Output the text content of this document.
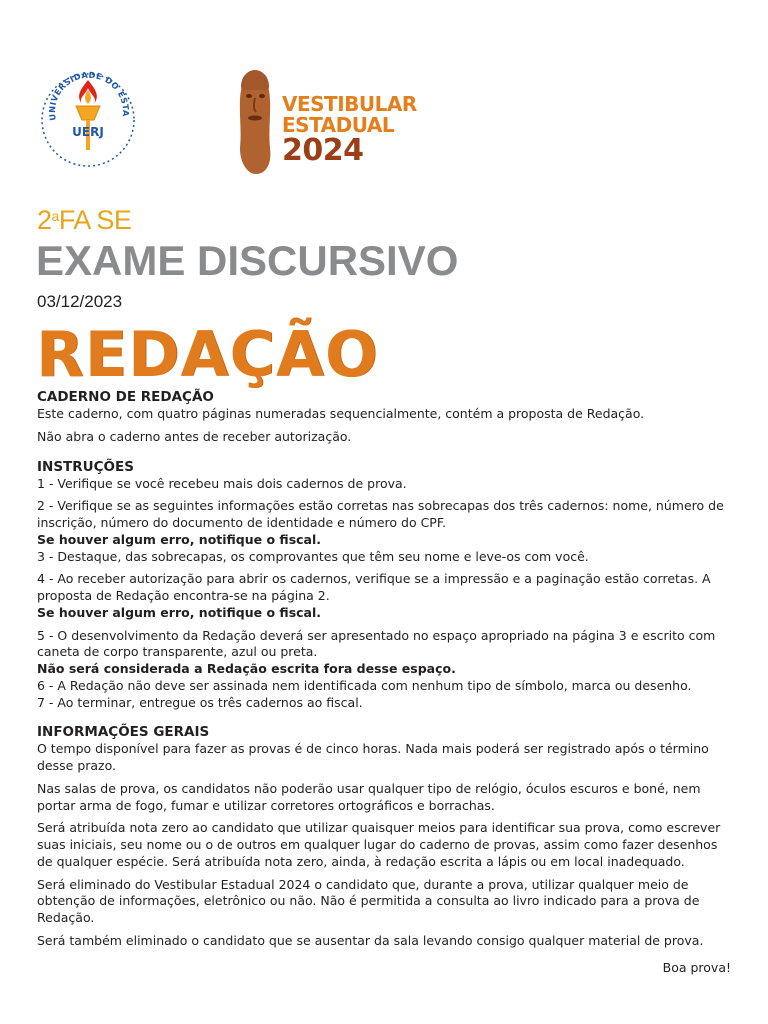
UNIVERSIDADE DO ESTA
UERJ
VESTIBULAR
ESTADUAL
2024
2$^a$FA SE
EXAME DISCURSIVO
03/12/2023
REDAÇÃO

CADERNO DE REDAÇÃO

Este caderno, com quatro páginas numeradas sequencialmente, contém a proposta de Redação.

Não abra o caderno antes de receber autorização.

INSTRUÇÕES

1 - Verifique se você recebeu mais dois cadernos de prova.

2 - Verifique se as seguintes informações estão corretas nas sobrecapas dos três cadernos: nome, número de inscrição, número do documento de identidade e número do CPF.

Se houver algum erro, notifique o fiscal.

3 - Destaque, das sobrecapas, os comprovantes que têm seu nome e leve-os com você.

4 - Ao receber autorização para abrir os cadernos, verifique se a impressão e a paginação estão corretas. A proposta de Redação encontra-se na página 2.

Se houver algum erro, notifique o fiscal.

5 - O desenvolvimento da Redação deverá ser apresentado no espaço apropriado na página 3 e escrito com caneta de corpo transparente, azul ou preta.

Não será considerada a Redação escrita fora desse espaço.

6 - A Redação não deve ser assinada nem identificada com nenhum tipo de símbolo, marca ou desenho.

7 - Ao terminar, entregue os três cadernos ao fiscal.

INFORMAÇÕES GERAIS

O tempo disponível para fazer as provas é de cinco horas. Nada mais poderá ser registrado após o término desse prazo.

Nas salas de prova, os candidatos não poderão usar qualquer tipo de relógio, óculos escuros e boné, nem portar arma de fogo, fumar e utilizar corretores ortográficos e borrachas.

Será atribuída nota zero ao candidato que utilizar quaisquer meios para identificar sua prova, como escrever suas iniciais, seu nome ou o de outros em qualquer lugar do caderno de provas, assim como fazer desenhos de qualquer espécie. Será atribuída nota zero, ainda, à redação escrita a lápis ou em local inadequado.

Será eliminado do Vestibular Estadual 2024 o candidato que, durante a prova, utilizar qualquer meio de obtenção de informações, eletrônico ou não. Não é permitida a consulta ao livro indicado para a prova de Redação.

Será também eliminado o candidato que se ausentar da sala levando consigo qualquer material de prova.

Boa prova!
